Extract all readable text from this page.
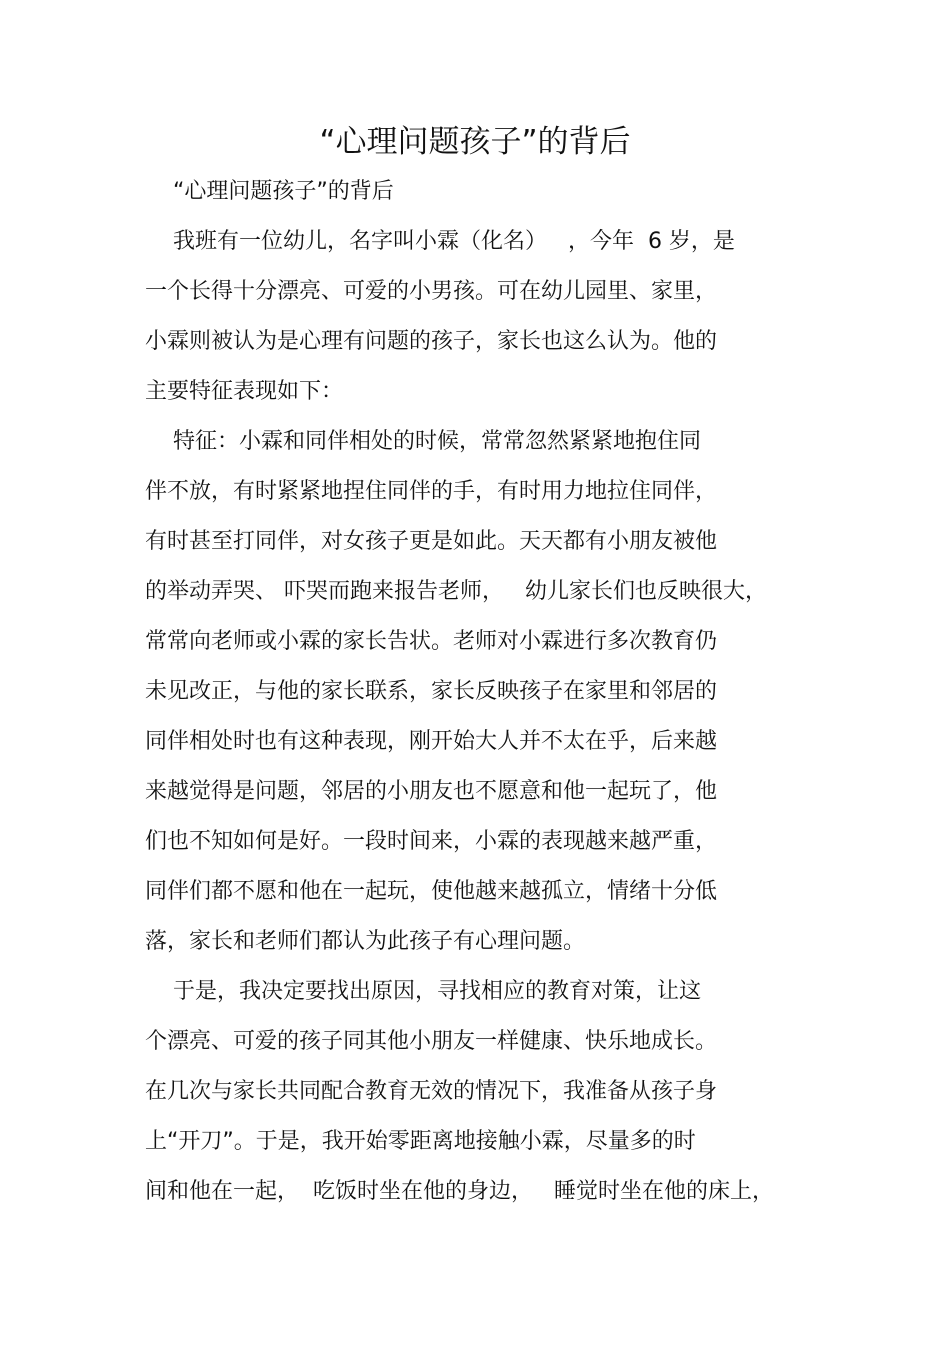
“心理问题孩子”的背后
“心理问题孩子”的背后
我班有一位幼儿，名字叫小霖（化名）   ，今年  6 岁，是
一个长得十分漂亮、可爱的小男孩。可在幼儿园里、家里，
小霖则被认为是心理有问题的孩子，家长也这么认为。他的
主要特征表现如下：
特征：小霖和同伴相处的时候，常常忽然紧紧地抱住同
伴不放，有时紧紧地捏住同伴的手，有时用力地拉住同伴，
有时甚至打同伴，对女孩子更是如此。天天都有小朋友被他
的举动弄哭、 吓哭而跑来报告老师，   幼儿家长们也反映很大，
常常向老师或小霖的家长告状。老师对小霖进行多次教育仍
未见改正，与他的家长联系，家长反映孩子在家里和邻居的
同伴相处时也有这种表现，刚开始大人并不太在乎，后来越
来越觉得是问题，邻居的小朋友也不愿意和他一起玩了，他
们也不知如何是好。一段时间来，小霖的表现越来越严重，
同伴们都不愿和他在一起玩，使他越来越孤立，情绪十分低
落，家长和老师们都认为此孩子有心理问题。
于是，我决定要找出原因，寻找相应的教育对策，让这
个漂亮、可爱的孩子同其他小朋友一样健康、快乐地成长。
在几次与家长共同配合教育无效的情况下，我准备从孩子身
上“开刀”。于是，我开始零距离地接触小霖，尽量多的时
间和他在一起，  吃饭时坐在他的身边，   睡觉时坐在他的床上，
